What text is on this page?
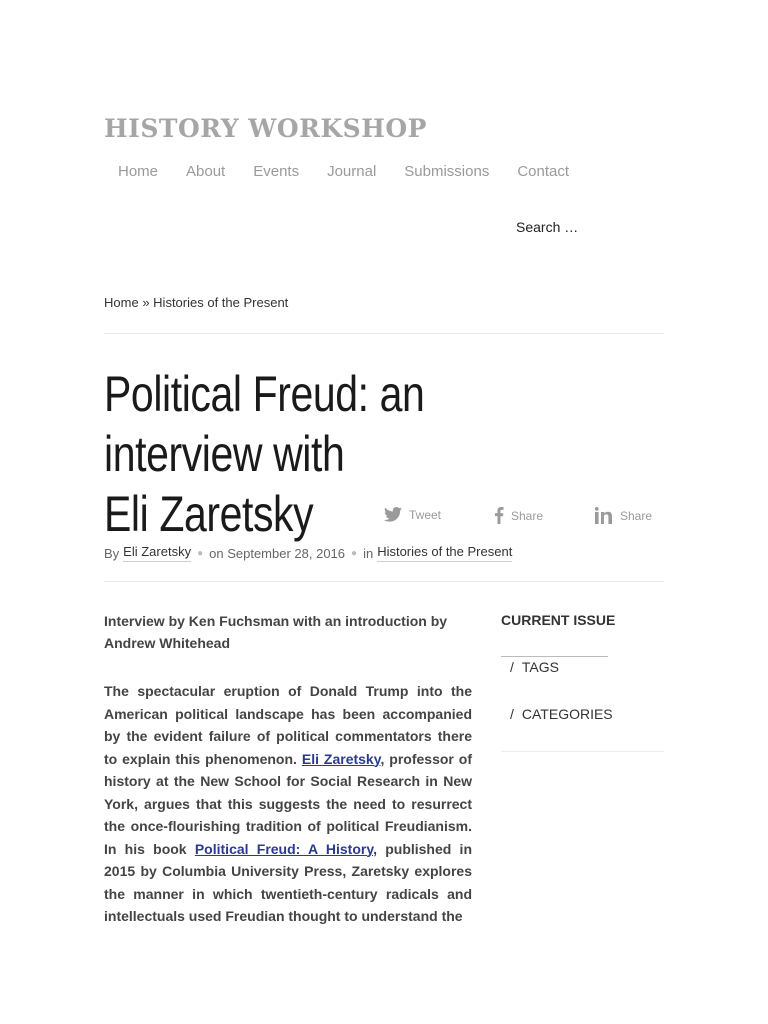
HISTORY WORKSHOP
Home	About	Events	Journal	Submissions	Contact
Search …
Home » Histories of the Present
Political Freud: an interview with
Eli Zaretsky	Tweet	Share	Share
By Eli Zaretsky ● on September 28, 2016 ● in Histories of the Present

Interview by Ken Fuchsman with an introduction by Andrew Whitehead

The spectacular eruption of Donald Trump into the American political landscape has been accompanied by the evident failure of political commentators there to explain this phenomenon. Eli Zaretsky, professor of history at the New School for Social Research in New York, argues that this suggests the need to resurrect the once-flourishing tradition of political Freudianism. In his book Political Freud: A History, published in 2015 by Columbia University Press, Zaretsky explores the manner in which twentieth-century radicals and intellectuals used Freudian thought to understand the

CURRENT ISSUE

/ TAGS
/ CATEGORIES
